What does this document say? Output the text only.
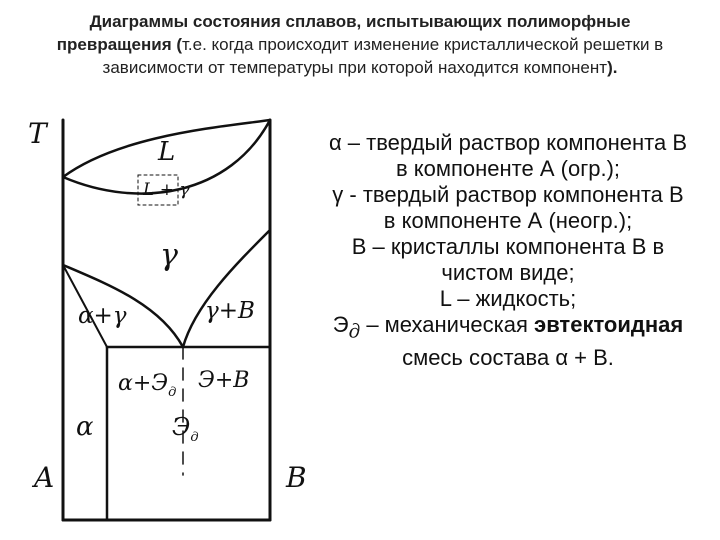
Диаграммы состояния сплавов, испытывающих полиморфные превращения (т.е. когда происходит изменение кристаллической решетки в зависимости от температуры при которой находится компонент).
T
A	B
L
L + γ
γ
α+γ	γ+B
$\alpha+Э_д$ Э+B
$Э_д$
α

α – твердый раствор компонента В в компоненте А (огр.);

γ - твердый раствор компонента В в компоненте А (неогр.);

В – кристаллы компонента В в чистом виде;

L – жидкость;

$Э_д$ – механическая эвтектоидная смесь состава α + В.
